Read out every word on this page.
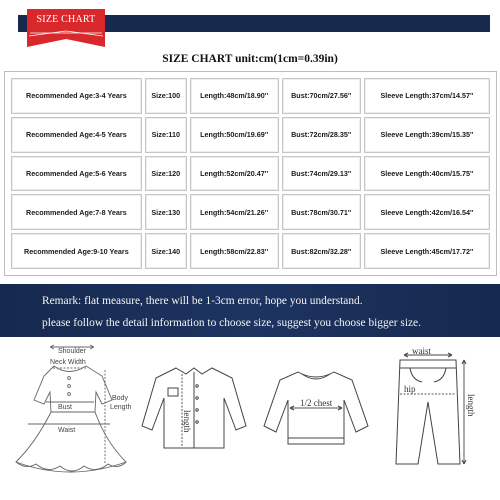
SIZE CHART
SIZE CHART unit:cm(1cm=0.39in)
Recommended Age:3-4 Years	Size:100	Length:48cm/18.90''	Bust:70cm/27.56''	Sleeve Length:37cm/14.57''
Recommended Age:4-5 Years	Size:110	Length:50cm/19.69''	Bust:72cm/28.35''	Sleeve Length:39cm/15.35''
Recommended Age:5-6 Years	Size:120	Length:52cm/20.47''	Bust:74cm/29.13''	Sleeve Length:40cm/15.75''
Recommended Age:7-8 Years	Size:130	Length:54cm/21.26''	Bust:78cm/30.71''	Sleeve Length:42cm/16.54''
Recommended Age:9-10 Years	Size:140	Length:58cm/22.83''	Bust:82cm/32.28''	Sleeve Length:45cm/17.72''
Remark: flat measure, there will be 1-3cm error, hope you understand.
please follow the detail information to choose size, suggest you choose bigger size.
Shoulder
Neck Width
Bust
Body
Length
Waist	length
1/2 chest
waist
hip
length
